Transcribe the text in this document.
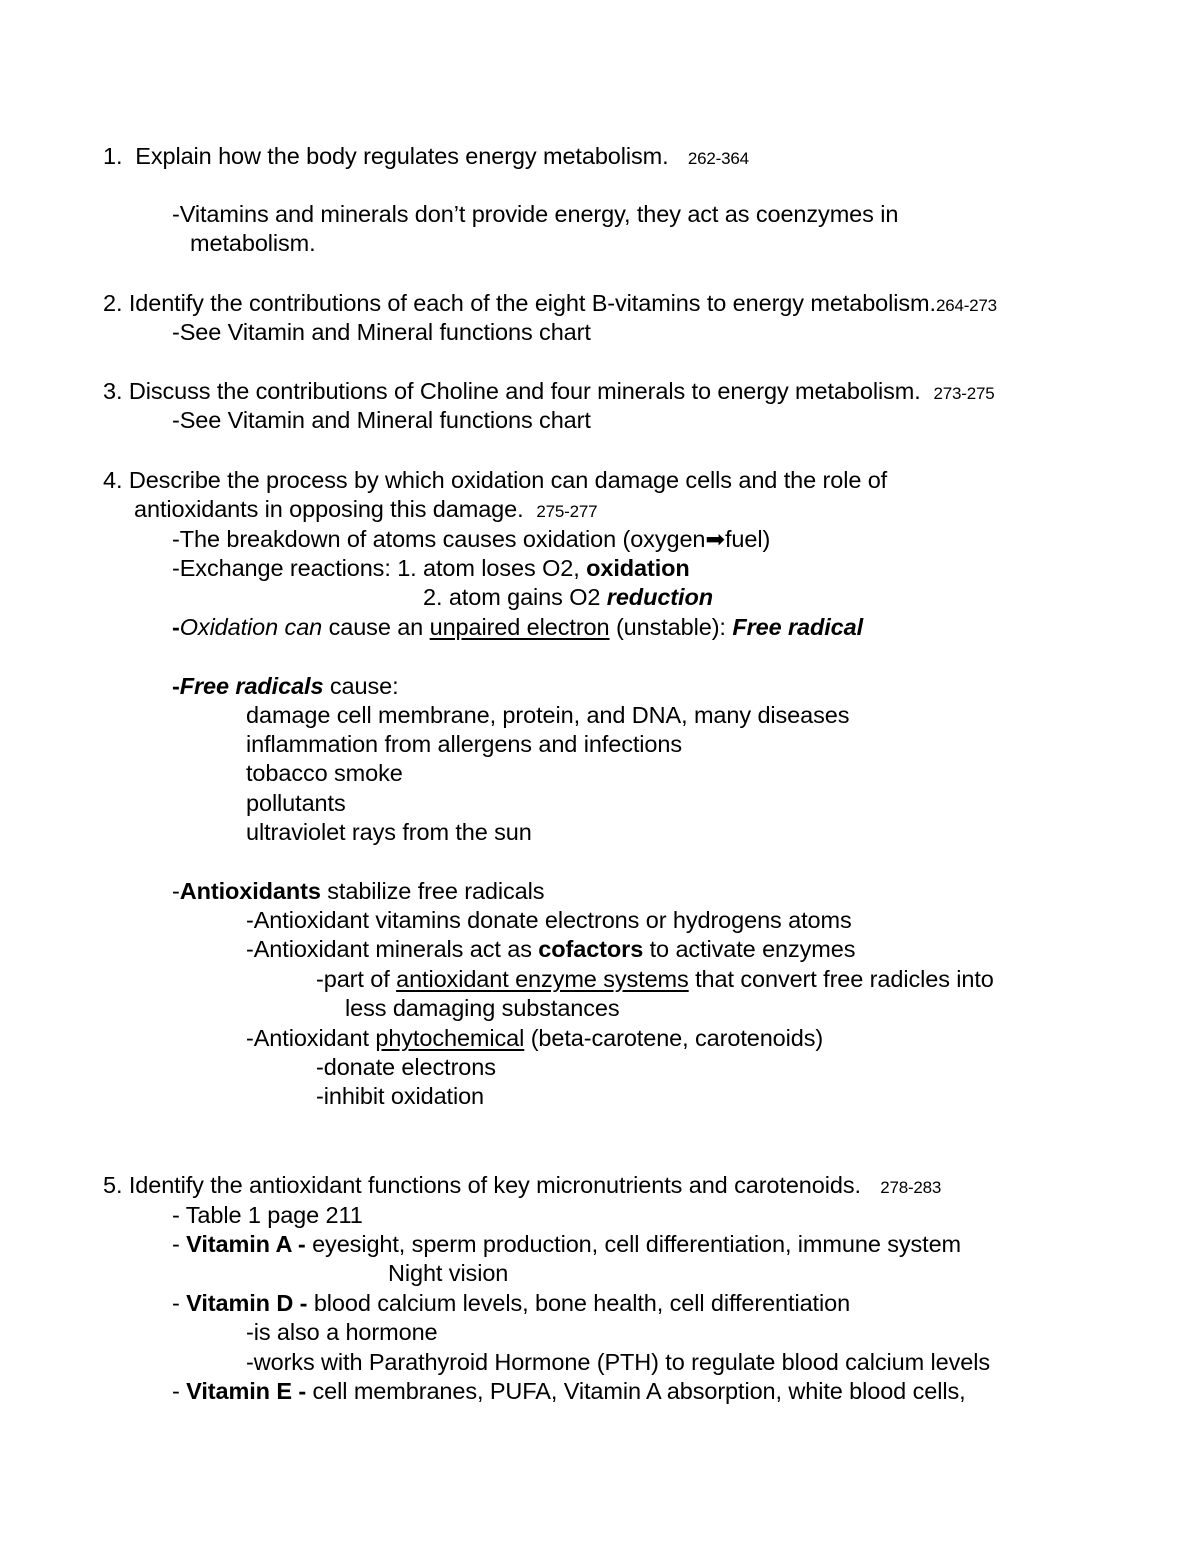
1. Explain how the body regulates energy metabolism. 262-364
-Vitamins and minerals don’t provide energy, they act as coenzymes in
metabolism.
2. Identify the contributions of each of the eight B-vitamins to energy metabolism.264-273
-See Vitamin and Mineral functions chart
3. Discuss the contributions of Choline and four minerals to energy metabolism. 273-275
-See Vitamin and Mineral functions chart
4. Describe the process by which oxidation can damage cells and the role of
antioxidants in opposing this damage. 275-277
-The breakdown of atoms causes oxidation (oxygen➡fuel)
-Exchange reactions: 1. atom loses O2, oxidation
2. atom gains O2 reduction
-Oxidation can cause an unpaired electron (unstable): Free radical
-Free radicals cause:
damage cell membrane, protein, and DNA, many diseases
inflammation from allergens and infections
tobacco smoke
pollutants
ultraviolet rays from the sun
-Antioxidants stabilize free radicals
-Antioxidant vitamins donate electrons or hydrogens atoms
-Antioxidant minerals act as cofactors to activate enzymes
-part of antioxidant enzyme systems that convert free radicles into
less damaging substances
-Antioxidant phytochemical (beta-carotene, carotenoids)
-donate electrons
-inhibit oxidation
5. Identify the antioxidant functions of key micronutrients and carotenoids. 278-283
- Table 1 page 211
- Vitamin A - eyesight, sperm production, cell differentiation, immune system
Night vision
- Vitamin D - blood calcium levels, bone health, cell differentiation
-is also a hormone
-works with Parathyroid Hormone (PTH) to regulate blood calcium levels
- Vitamin E - cell membranes, PUFA, Vitamin A absorption, white blood cells,
